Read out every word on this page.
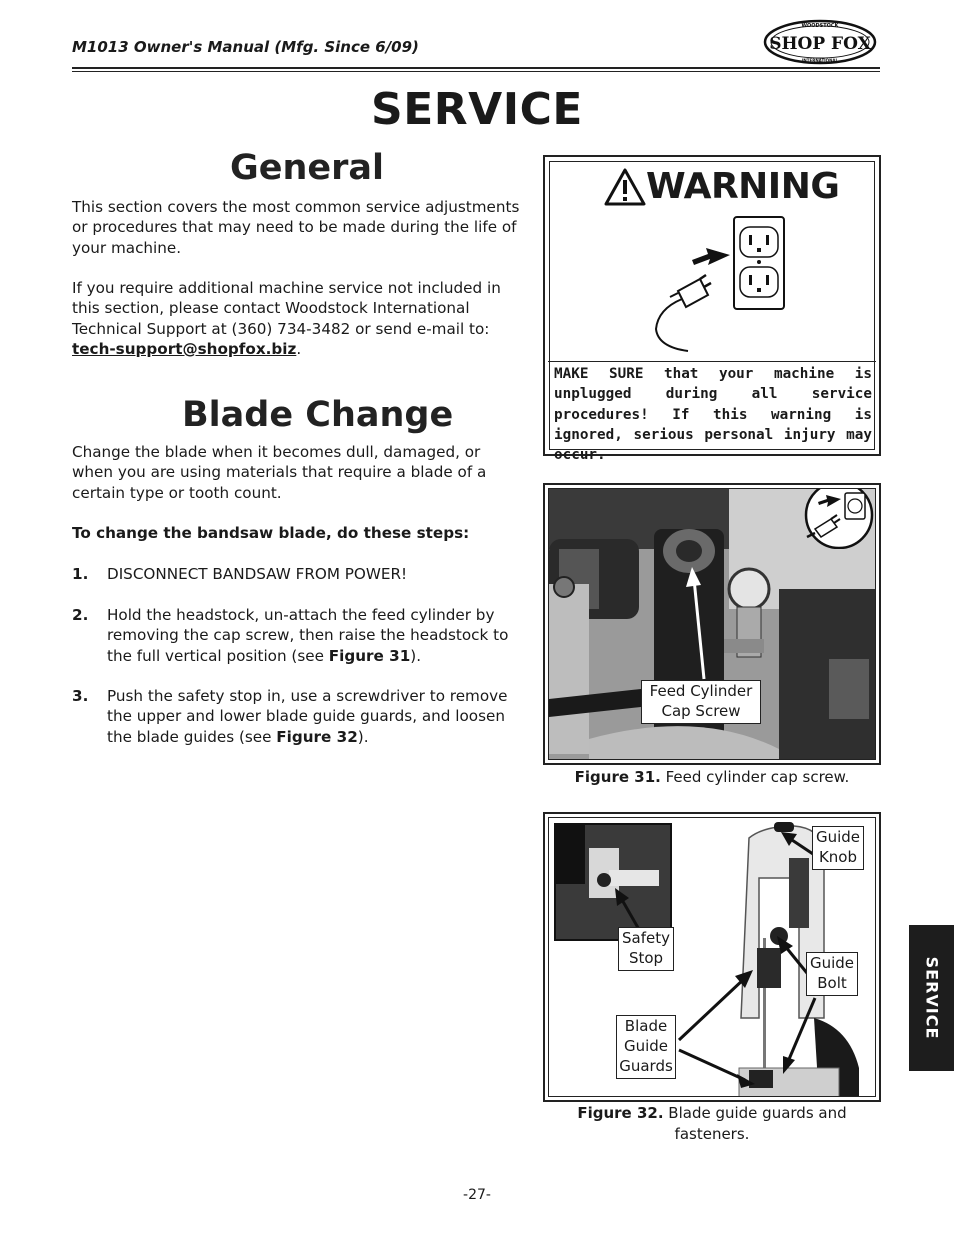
M1013 Owner's Manual (Mfg. Since 6/09)	SHOP FOX
WOODSTOCK
INTERNATIONAL
SERVICE
General
This section covers the most common service adjustments or procedures that may need to be made during the life of your machine.
If you require additional machine service not included in this section, please contact Woodstock International Technical Support at (360) 734-3482 or send e-mail to: tech-support@shopfox.biz.
Blade Change
Change the blade when it becomes dull, damaged, or when you are using materials that require a blade of a certain type or tooth count.
To change the bandsaw blade, do these steps:
1. DISCONNECT BANDSAW FROM POWER!
2. Hold the headstock, un-attach the feed cylinder by removing the cap screw, then raise the headstock to the full vertical position (see Figure 31).
3. Push the safety stop in, use a screwdriver to remove the upper and lower blade guide guards, and loosen the blade guides (see Figure 32).
WARNING
MAKE SURE that your machine is unplugged during all service procedures! If this warning is ignored, serious personal injury may occur.
Feed Cylinder Cap Screw
Figure 31. Feed cylinder cap screw.
Guide Knob
Safety Stop	Guide Bolt
Blade Guide Guards
Figure 32. Blade guide guards and fasteners.
SERVICE
-27-
